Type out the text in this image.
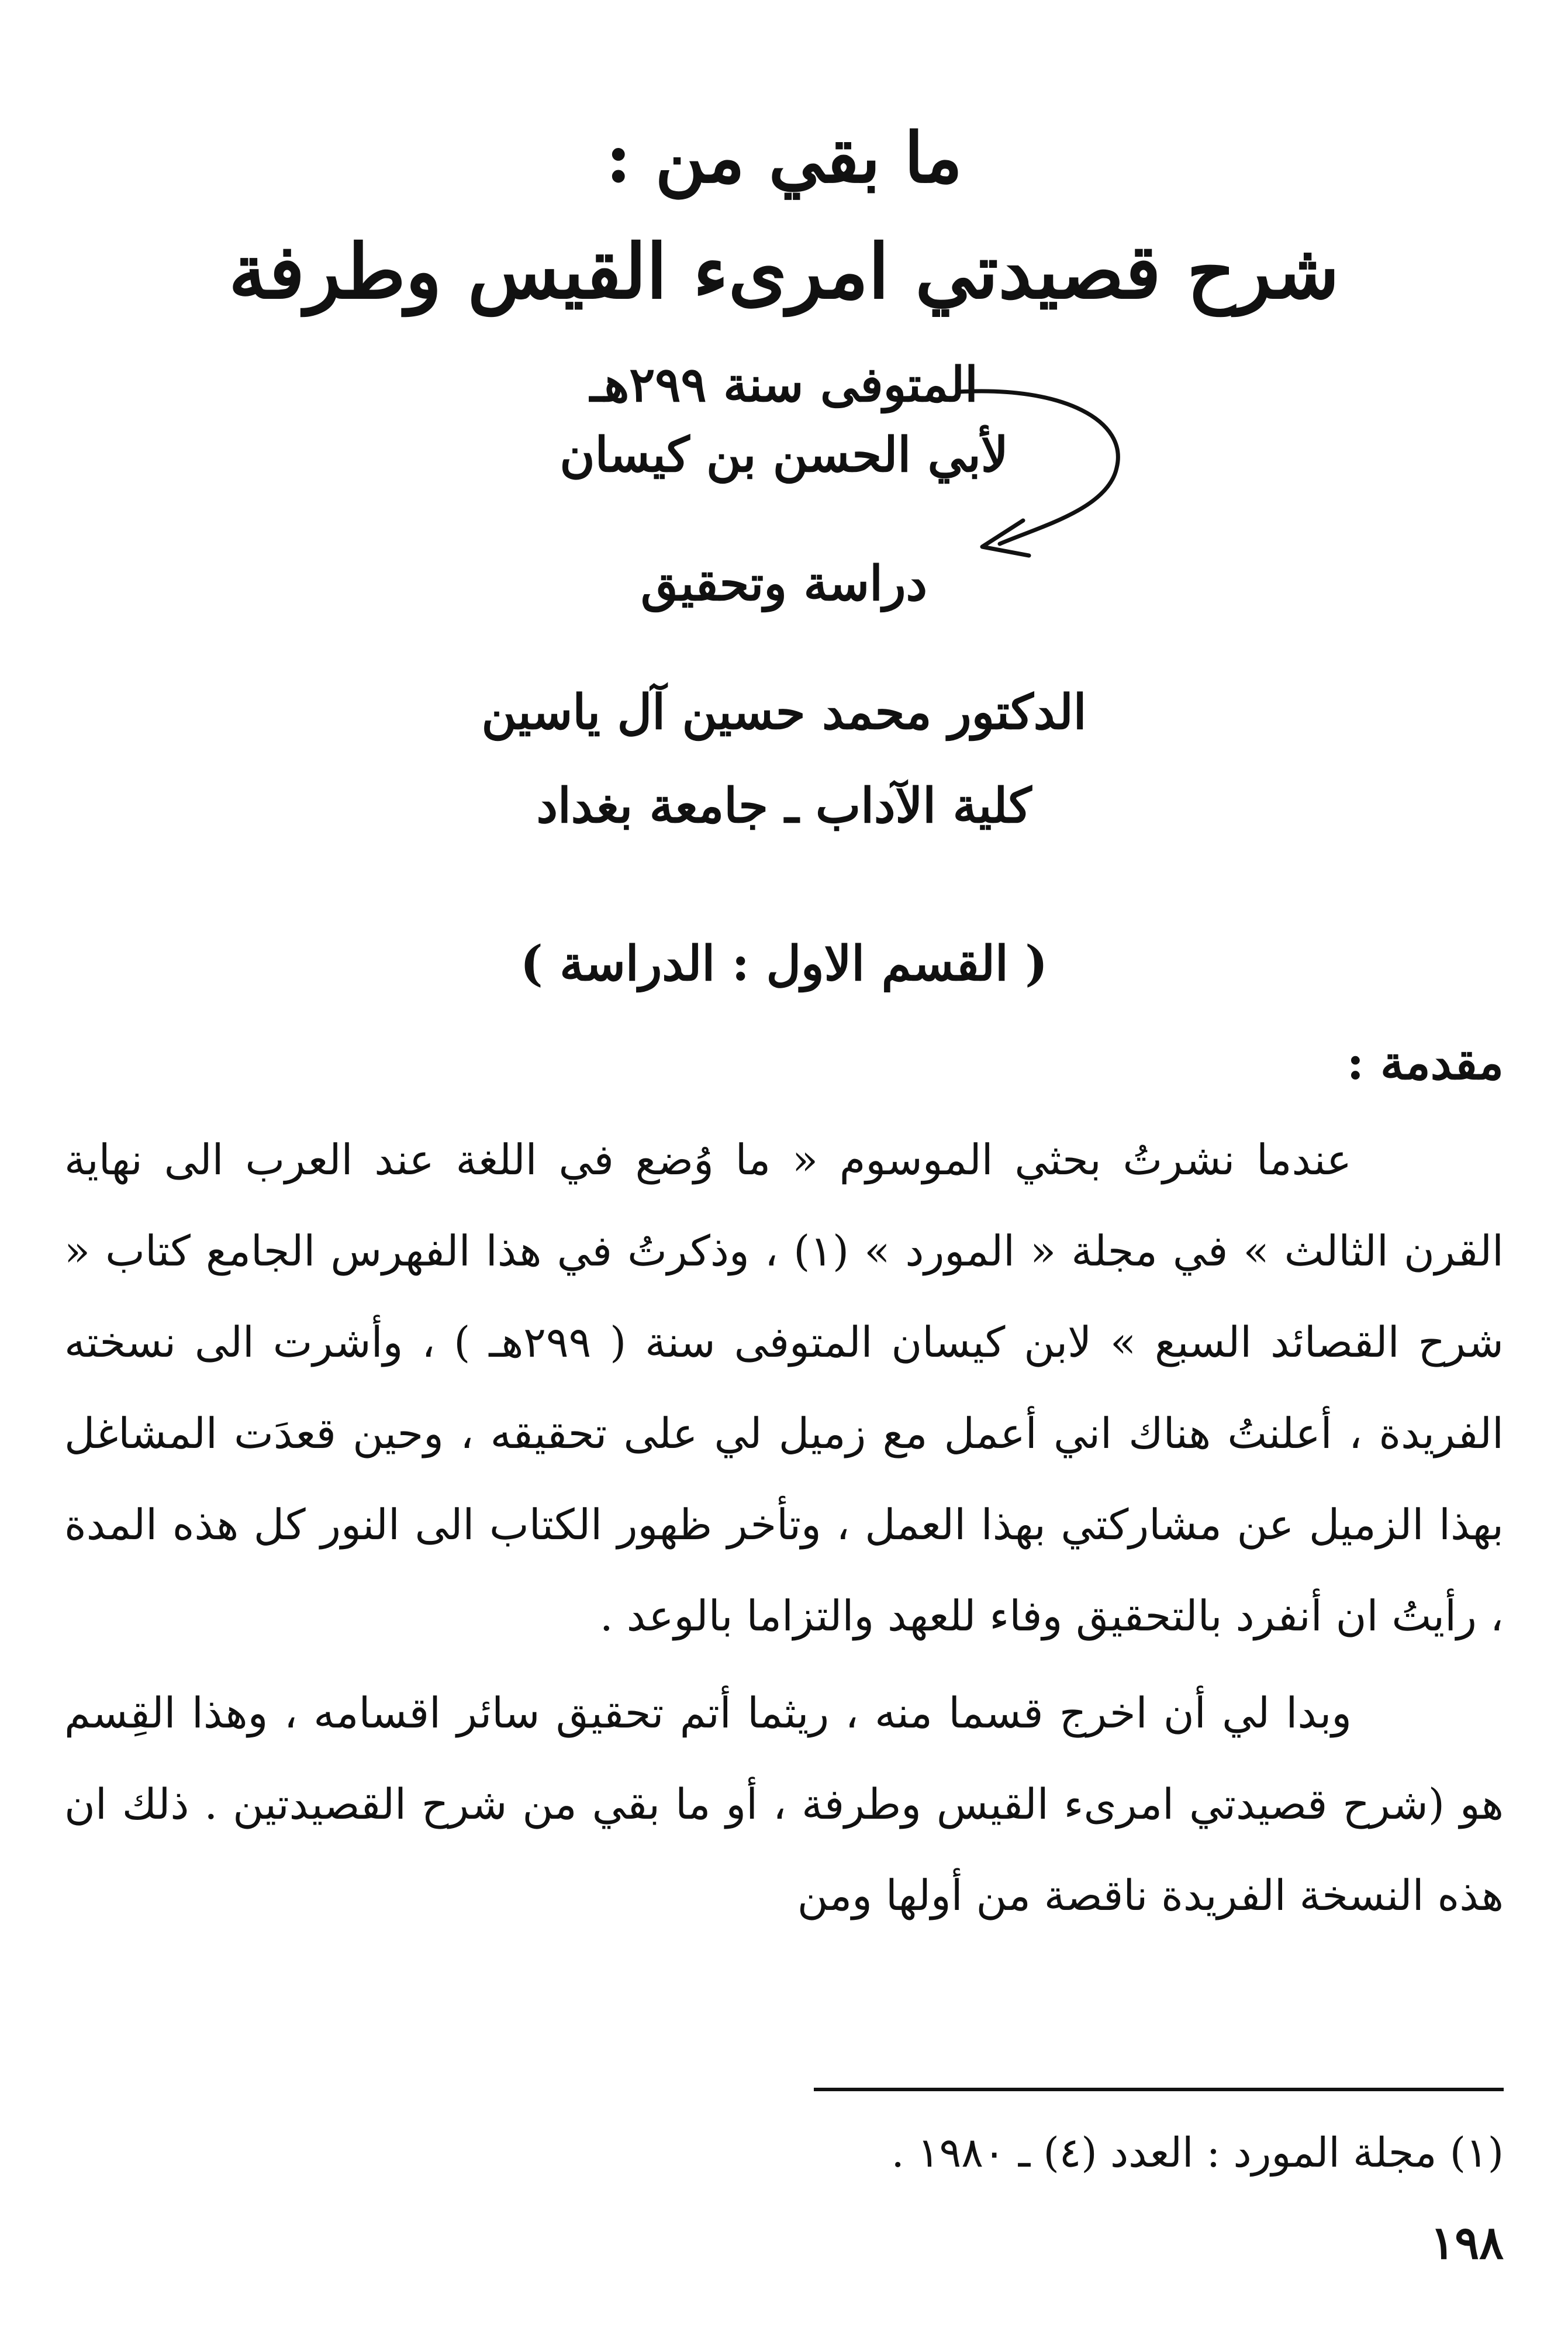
ما بقي من :
شرح قصيدتي امرىء القيس وطرفة
المتوفى سنة ٢٩٩هـ
لأبي الحسن بن كيسان
دراسة وتحقيق
الدكتور محمد حسين آل ياسين
كلية الآداب ـ جامعة بغداد
( القسم الاول : الدراسة )
مقدمة :

عندما نشرتُ بحثي الموسوم « ما وُضع في اللغة عند العرب الى نهاية القرن الثالث » في مجلة « المورد » (١) ، وذكرتُ في هذا الفهرس الجامع كتاب « شرح القصائد السبع » لابن كيسان المتوفى سنة ( ٢٩٩هـ ) ، وأشرت الى نسخته الفريدة ، أعلنتُ هناك اني أعمل مع زميل لي على تحقيقه ، وحين قعدَت المشاغل بهذا الزميل عن مشاركتي بهذا العمل ، وتأخر ظهور الكتاب الى النور كل هذه المدة ، رأيتُ ان أنفرد بالتحقيق وفاء للعهد والتزاما بالوعد .

وبدا لي أن اخرج قسما منه ، ريثما أتم تحقيق سائر اقسامه ، وهذا القِسم هو (شرح قصيدتي امرىء القيس وطرفة ، أو ما بقي من شرح القصيدتين . ذلك ان هذه النسخة الفريدة ناقصة من أولها ومن

(١) مجلة المورد : العدد (٤) ـ ١٩٨٠ .
١٩٨
